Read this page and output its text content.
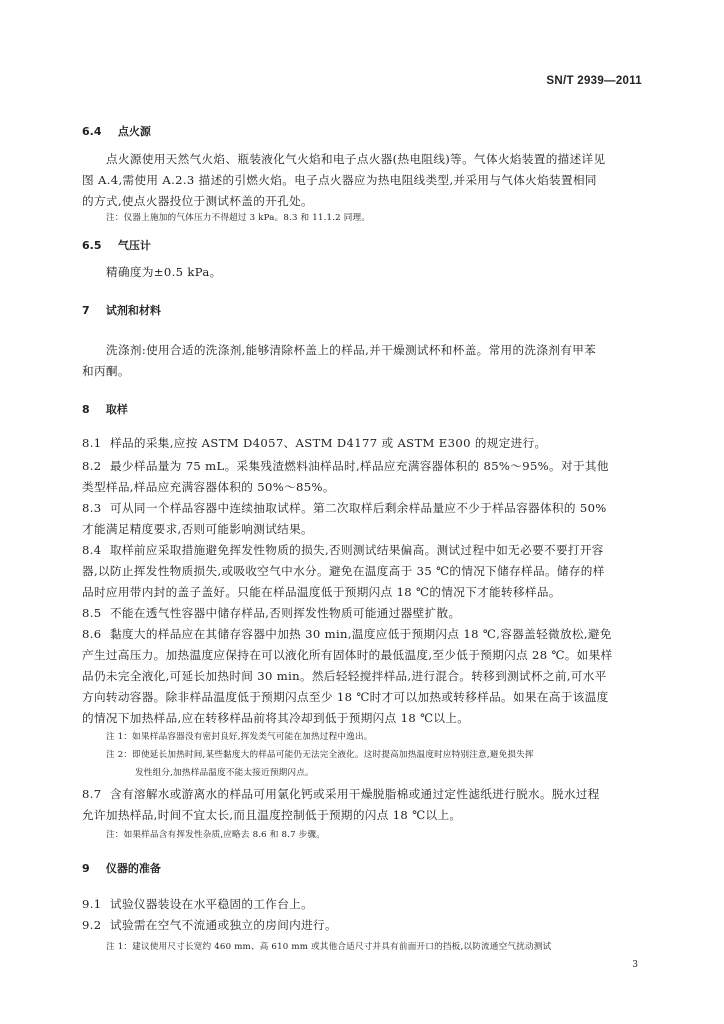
SN/T 2939—2011
6.4 点火源
点火源使用天然气火焰、瓶装液化气火焰和电子点火器(热电阻线)等。气体火焰装置的描述详见
图 A.4,需使用 A.2.3 描述的引燃火焰。电子点火器应为热电阻线类型,并采用与气体火焰装置相同
的方式,使点火器投位于测试杯盖的开孔处。
注：仪器上施加的气体压力不得超过 3 kPa。8.3 和 11.1.2 同理。
6.5 气压计
精确度为±0.5 kPa。
7 试剂和材料
洗涤剂:使用合适的洗涤剂,能够清除杯盖上的样品,并干燥测试杯和杯盖。常用的洗涤剂有甲苯
和丙酮。
8 取样
8.1 样品的采集,应按 ASTM D4057、ASTM D4177 或 ASTM E300 的规定进行。
8.2 最少样品量为 75 mL。采集残渣燃料油样品时,样品应充满容器体积的 85%～95%。对于其他
类型样品,样品应充满容器体积的 50%～85%。
8.3 可从同一个样品容器中连续抽取试样。第二次取样后剩余样品量应不少于样品容器体积的 50%
才能满足精度要求,否则可能影响测试结果。
8.4 取样前应采取措施避免挥发性物质的损失,否则测试结果偏高。测试过程中如无必要不要打开容
器,以防止挥发性物质损失,或吸收空气中水分。避免在温度高于 35 ℃的情况下储存样品。储存的样
品时应用带内封的盖子盖好。只能在样品温度低于预期闪点 18 ℃的情况下才能转移样品。
8.5 不能在透气性容器中储存样品,否则挥发性物质可能通过器壁扩散。
8.6 黏度大的样品应在其储存容器中加热 30 min,温度应低于预期闪点 18 ℃,容器盖轻微放松,避免
产生过高压力。加热温度应保持在可以液化所有固体时的最低温度,至少低于预期闪点 28 ℃。如果样
品仍未完全液化,可延长加热时间 30 min。然后轻轻搅拌样品,进行混合。转移到测试杯之前,可水平
方向转动容器。除非样品温度低于预期闪点至少 18 ℃时才可以加热或转移样品。如果在高于该温度
的情况下加热样品,应在转移样品前将其冷却到低于预期闪点 18 ℃以上。
注 1：如果样品容器没有密封良好,挥发类气可能在加热过程中逸出。
注 2：即使延长加热时间,某些黏度大的样品可能仍无法完全液化。这时提高加热温度时应特别注意,避免损失挥
发性组分,加热样品温度不能太接近预期闪点。
8.7 含有溶解水或游离水的样品可用氯化钙或采用干燥脱脂棉或通过定性滤纸进行脱水。脱水过程
允许加热样品,时间不宜太长,而且温度控制低于预期的闪点 18 ℃以上。
注：如果样品含有挥发性杂质,应略去 8.6 和 8.7 步骤。
9 仪器的准备
9.1 试验仪器装设在水平稳固的工作台上。
9.2 试验需在空气不流通或独立的房间内进行。
注 1：建议使用尺寸长宽约 460 mm、高 610 mm 或其他合适尺寸并具有前面开口的挡板,以防流通空气扰动测试
3
